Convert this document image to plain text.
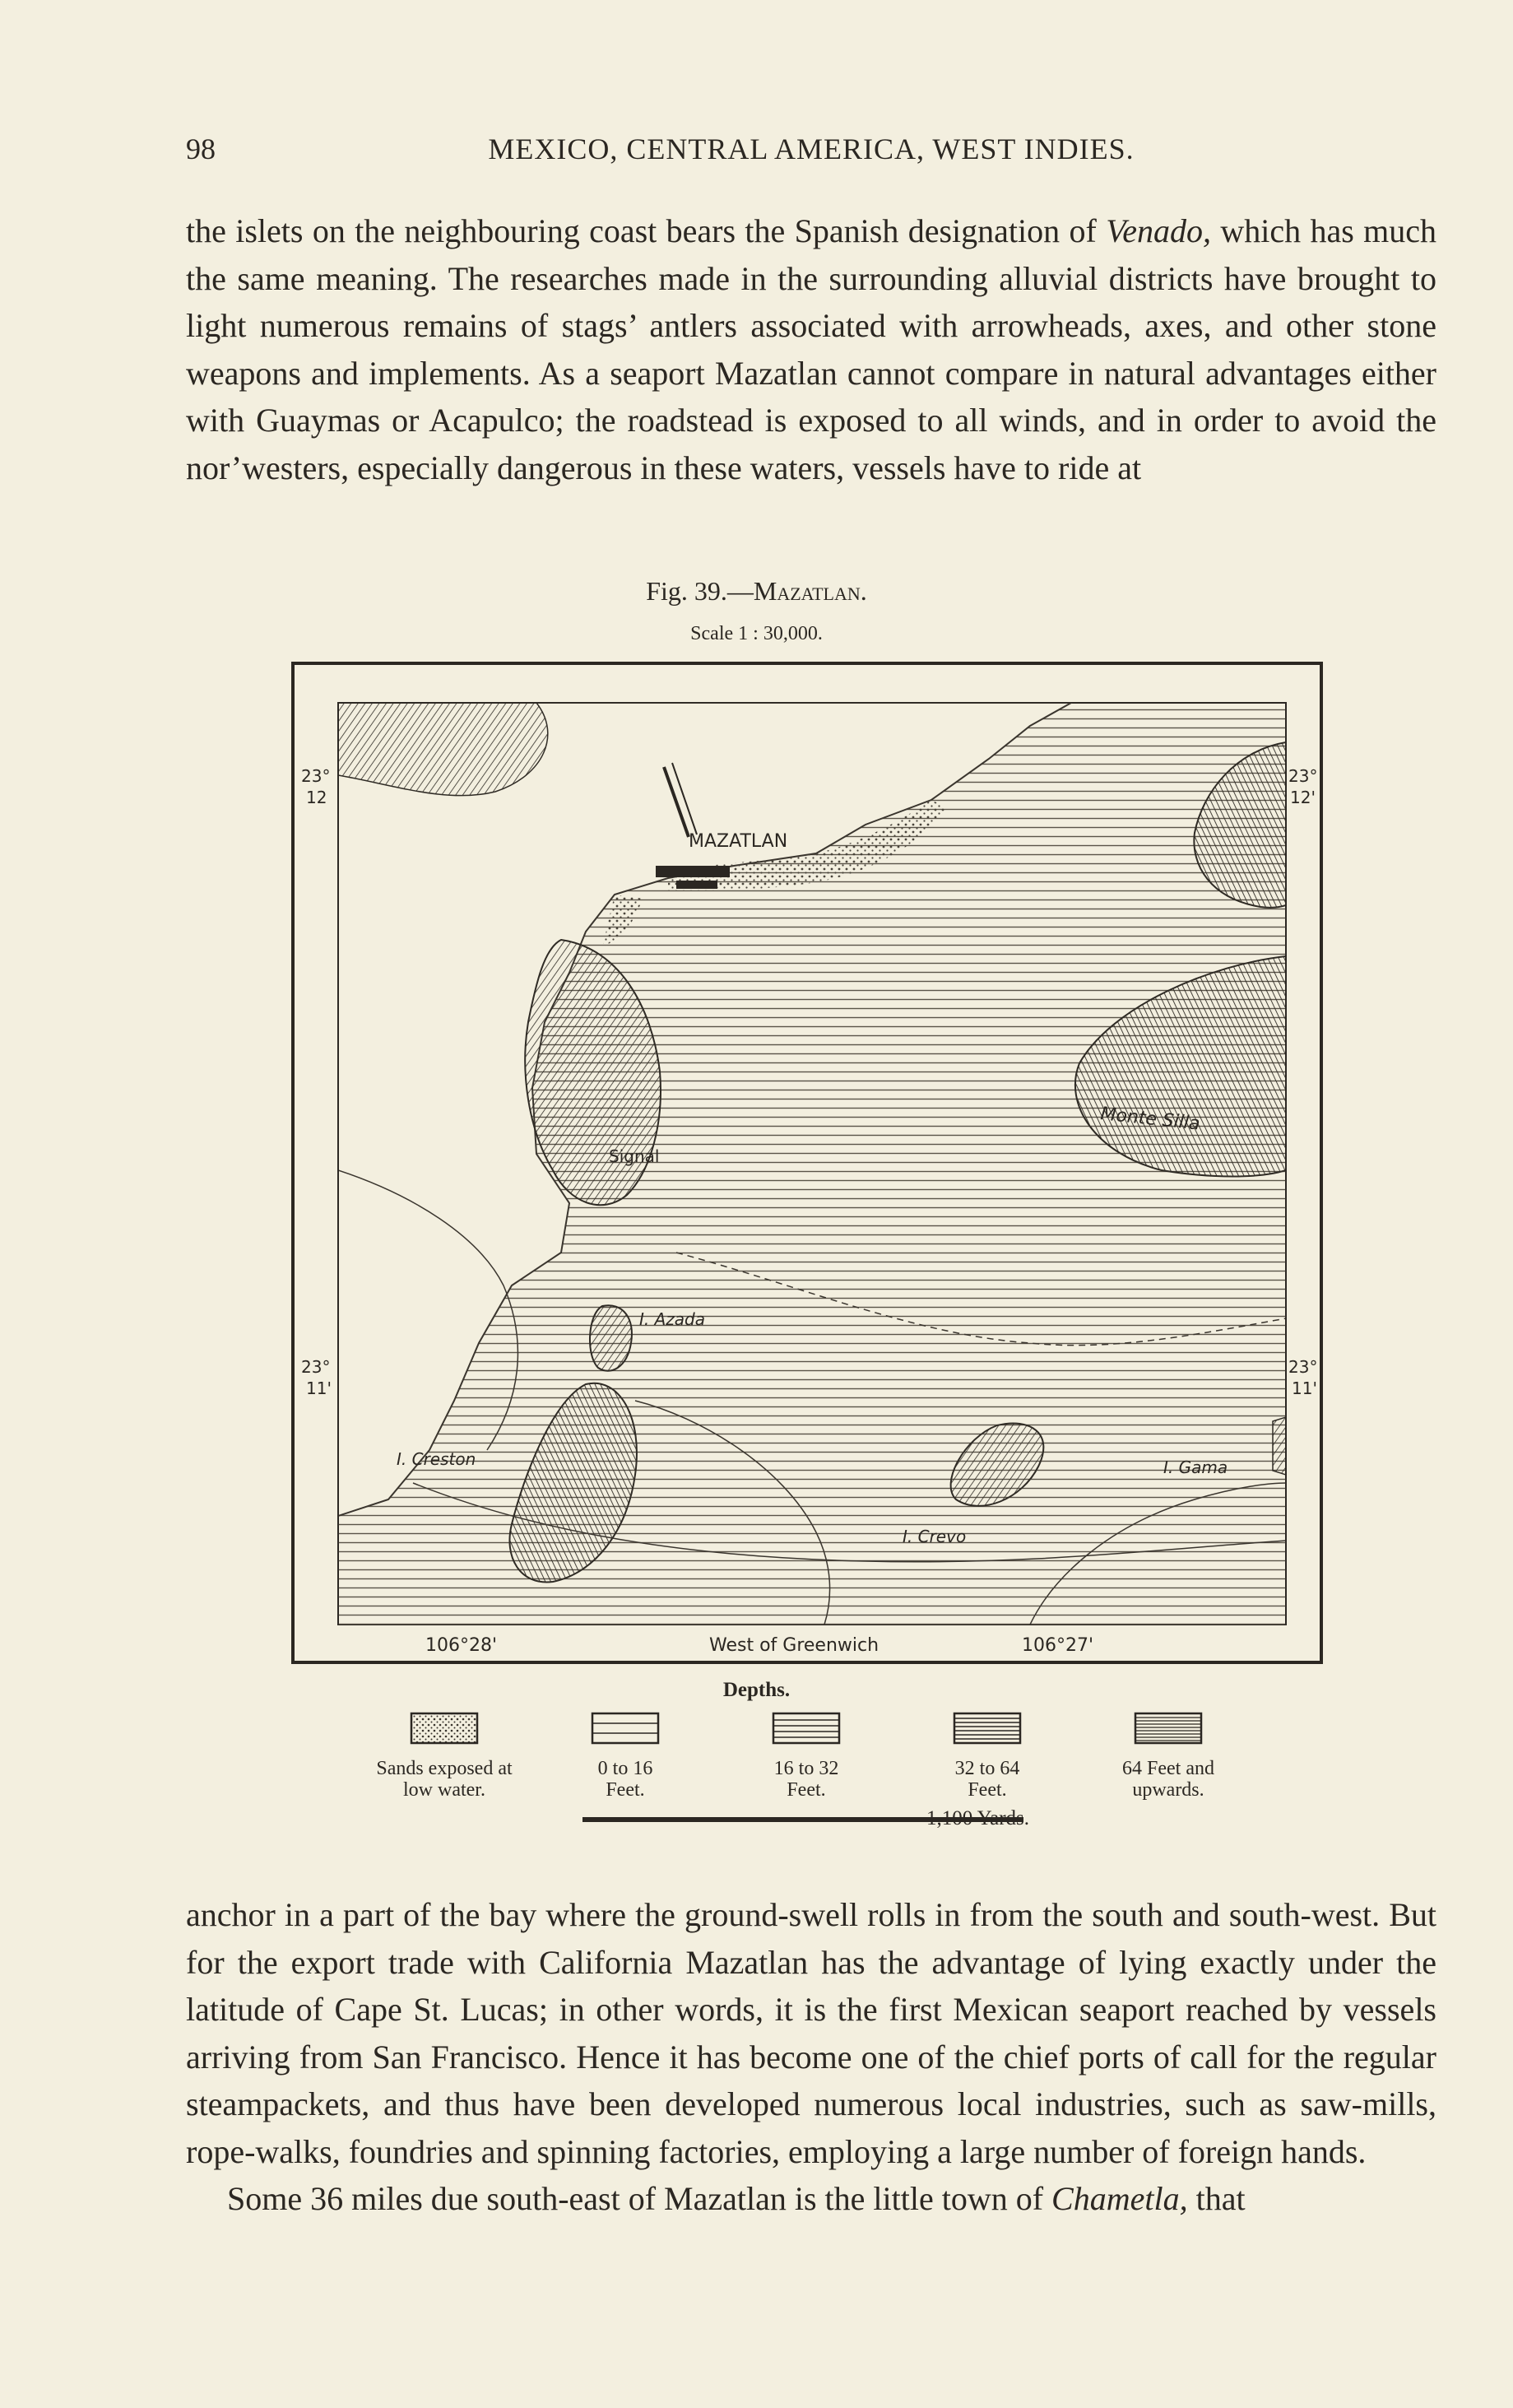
98	MEXICO, CENTRAL AMERICA, WEST INDIES.

the islets on the neighbouring coast bears the Spanish designation of Venado, which has much the same meaning. The researches made in the surrounding alluvial districts have brought to light numerous remains of stags’ antlers associated with arrowheads, axes, and other stone weapons and implements. As a seaport Mazatlan cannot compare in natural advantages either with Guaymas or Acapulco; the roadstead is exposed to all winds, and in order to avoid the nor’westers, especially dangerous in these waters, vessels have to ride at

Fig. 39.—Mazatlan.
Scale 1 : 30,000.
MAZATLAN
Signal
Monte Silla
I. Azada
I. Creston
I. Crevo
I. Gama
23°
12
23°
12'
23°
11'
23°
11'
106°28'	West of Greenwich	106°27'
Depths.
Sands exposed at
low water.
0 to 16
Feet.
16 to 32
Feet.
32 to 64
Feet.
64 Feet and
upwards.
1,100 Yards.
anchor in a part of the bay where the ground-swell rolls in from the south and south-west. But for the export trade with California Mazatlan has the advantage of lying exactly under the latitude of Cape St. Lucas; in other words, it is the first Mexican seaport reached by vessels arriving from San Francisco. Hence it has become one of the chief ports of call for the regular steampackets, and thus have been developed numerous local industries, such as saw-mills, rope-walks, foundries and spinning factories, employing a large number of foreign hands.
Some 36 miles due south-east of Mazatlan is the little town of Chametla, that
